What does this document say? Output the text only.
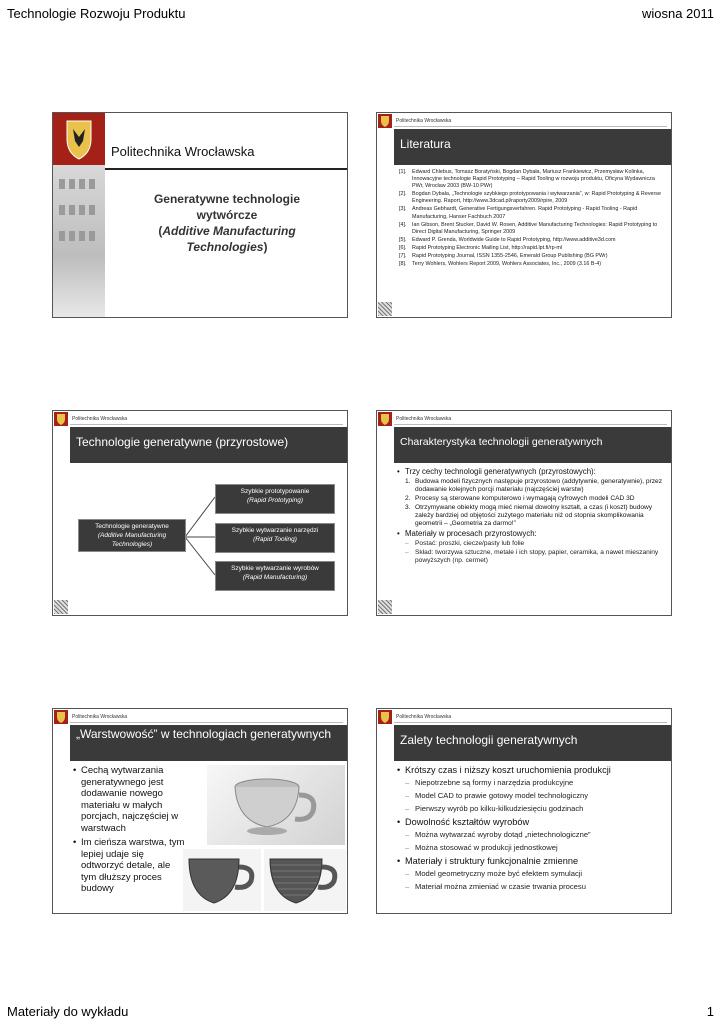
Technologie Rozwoju Produktu	wiosna 2011
Politechnika Wrocławska
Generatywne technologie
wytwórcze
(Additive Manufacturing
Technologies)
Politechnika Wrocławska
Literatura
[1].	Edward Chlebus, Tomasz Boratyński, Bogdan Dybała, Mariusz Frankiewicz, Przemysław Kolinka, Innowacyjne technologie Rapid Prototyping – Rapid Tooling w rozwoju produktu, Oficyna Wydawnicza PWr, Wrocław 2003 (BW-10 PWr)
[2].	Bogdan Dybała, „Technologie szybkiego prototypowania i wytwarzania”, w: Rapid Prototyping & Reverse Engineering. Raport, http://www.3dcad.pl/raporty2009/rpire, 2009
[3].	Andreas Gebhardt, Generative Fertigungsverfahren. Rapid Prototyping - Rapid Tooling - Rapid Manufacturing, Hanser Fachbuch 2007
[4].	Ian Gibson, Brent Stucker, David W. Rosen, Additive Manufacturing Technologies: Rapid Prototyping to Direct Digital Manufacturing, Springer 2009
[5].	Edward P. Grenda, Worldwide Guide to Rapid Prototyping, http://www.additive3d.com
[6].	Rapid Prototyping Electronic Mailing List, http://rapid.lpt.fi/rp-ml
[7].	Rapid Prototyping Journal, ISSN 1355-2546, Emerald Group Publishing (BG PWr)
[8].	Terry Wohlers, Wohlers Report 2009, Wohlers Associates, Inc., 2009 (3.16 B-4)
Politechnika Wrocławska
Technologie generatywne (przyrostowe)
Technologie generatywne
(Additive Manufacturing
Technologies)
Szybkie prototypowanie
(Rapid Prototyping)
Szybkie wytwarzanie narzędzi
(Rapid Tooling)
Szybkie wytwarzanie wyrobów
(Rapid Manufacturing)
Politechnika Wrocławska
Charakterystyka technologii generatywnych
• Trzy cechy technologii generatywnych (przyrostowych):
1. Budowa modeli fizycznych następuje przyrostowo (addytywnie, generatywnie), przez dodawanie kolejnych porcji materiału (najczęściej warstw)
2. Procesy są sterowane komputerowo i wymagają cyfrowych modeli CAD 3D
3. Otrzymywane obiekty mogą mieć niemal dowolny kształt, a czas (i koszt) budowy zależy bardziej od objętości zużytego materiału niż od stopnia skomplikowania geometrii – „Geometria za darmo!”
• Materiały w procesach przyrostowych:
– Postać: proszki, ciecze/pasty lub folie
– Skład: tworzywa sztuczne, metale i ich stopy, papier, ceramika, a nawet mieszaniny powyższych (np. cermet)
Politechnika Wrocławska
„Warstwowość” w technologiach generatywnych
• Cechą wytwarzania generatywnego jest dodawanie nowego materiału w małych porcjach, najczęściej w warstwach
• Im cieńsza warstwa, tym lepiej udaje się odtworzyć detale, ale tym dłuższy proces budowy
Politechnika Wrocławska
Zalety technologii generatywnych
• Krótszy czas i niższy koszt uruchomienia produkcji
– Niepotrzebne są formy i narzędzia produkcyjne
– Model CAD to prawie gotowy model technologiczny
– Pierwszy wyrób po kilku-kilkudziesięciu godzinach
• Dowolność kształtów wyrobów
– Można wytwarzać wyroby dotąd „nietechnologiczne”
– Można stosować w produkcji jednostkowej
• Materiały i struktury funkcjonalnie zmienne
– Model geometryczny może być efektem symulacji
– Materiał można zmieniać w czasie trwania procesu
Materiały do wykładu	1
